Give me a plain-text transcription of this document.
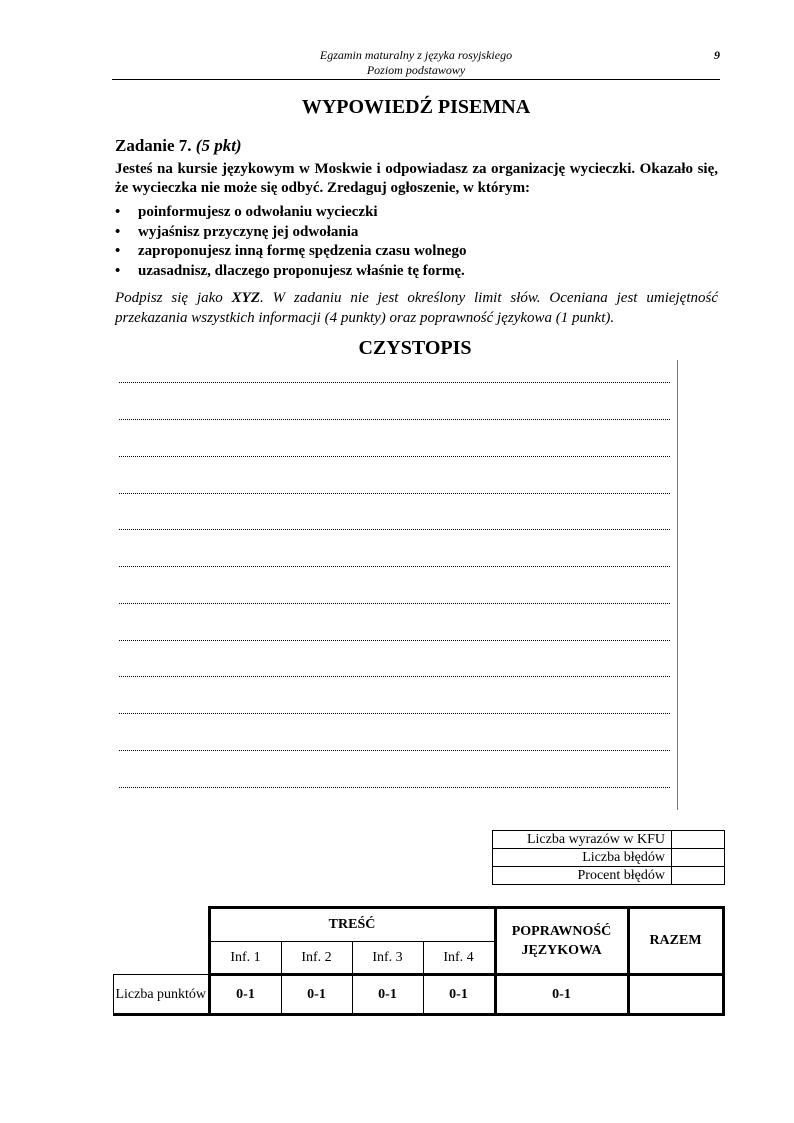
Egzamin maturalny z języka rosyjskiego
Poziom podstawowy
9
WYPOWIEDŹ PISEMNA
Zadanie 7. (5 pkt)
Jesteś na kursie językowym w Moskwie i odpowiadasz za organizację wycieczki. Okazało się, że wycieczka nie może się odbyć. Zredaguj ogłoszenie, w którym:
• poinformujesz o odwołaniu wycieczki
• wyjaśnisz przyczynę jej odwołania
• zaproponujesz inną formę spędzenia czasu wolnego
• uzasadnisz, dlaczego proponujesz właśnie tę formę.
Podpisz się jako XYZ. W zadaniu nie jest określony limit słów. Oceniana jest umiejętność przekazania wszystkich informacji (4 punkty) oraz poprawność językowa (1 punkt).
CZYSTOPIS
Liczba wyrazów w KFU	
Liczba błędów	
Procent błędów	
	TREŚĆ				POPRAWNOŚĆ JĘZYKOWA	RAZEM
	Inf. 1	Inf. 2	Inf. 3	Inf. 4		
Liczba punktów	0-1	0-1	0-1	0-1	0-1	
